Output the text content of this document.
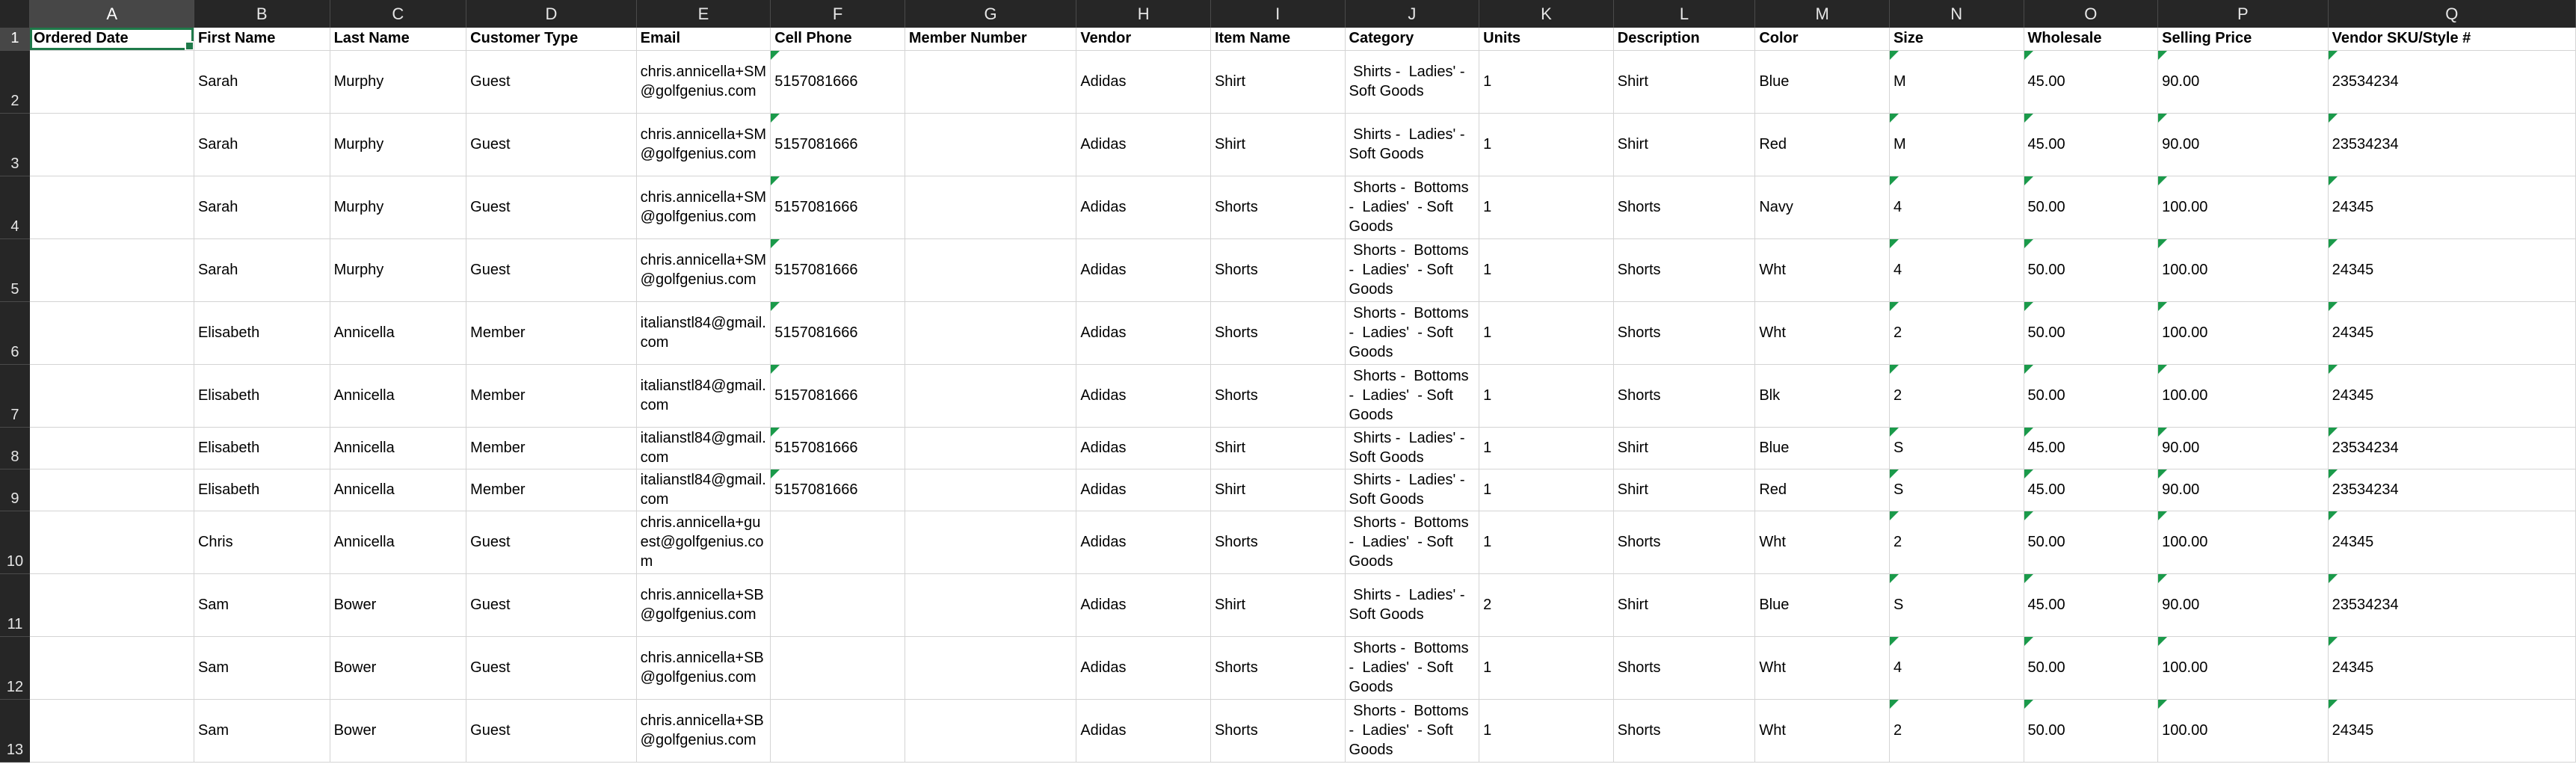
	A	B	C	D	E	F	G	H	I	J	K	L	M	N	O	P	Q
1	Ordered Date	First Name	Last Name	Customer Type	Email	Cell Phone	Member Number	Vendor	Item Name	Category	Units	Description	Color	Size	Wholesale	Selling Price	Vendor SKU/Style #

2		Sarah	Murphy	Guest	chris.annicella+SM@golfgenius.com	5157081666		Adidas	Shirt	Shirts -  Ladies' - Soft Goods	1	Shirt	Blue	M	45.00	90.00	23534234

3		Sarah	Murphy	Guest	chris.annicella+SM@golfgenius.com	5157081666		Adidas	Shirt	Shirts -  Ladies' - Soft Goods	1	Shirt	Red	M	45.00	90.00	23534234

4		Sarah	Murphy	Guest	chris.annicella+SM@golfgenius.com	5157081666		Adidas	Shorts	Shorts -  Bottoms -  Ladies'  - Soft Goods	1	Shorts	Navy	4	50.00	100.00	24345

5		Sarah	Murphy	Guest	chris.annicella+SM@golfgenius.com	5157081666		Adidas	Shorts	Shorts -  Bottoms -  Ladies'  - Soft Goods	1	Shorts	Wht	4	50.00	100.00	24345

6		Elisabeth	Annicella	Member	italianstl84@gmail.com	5157081666		Adidas	Shorts	Shorts -  Bottoms -  Ladies'  - Soft Goods	1	Shorts	Wht	2	50.00	100.00	24345

7		Elisabeth	Annicella	Member	italianstl84@gmail.com	5157081666		Adidas	Shorts	Shorts -  Bottoms -  Ladies'  - Soft Goods	1	Shorts	Blk	2	50.00	100.00	24345

8		Elisabeth	Annicella	Member	italianstl84@gmail.com	5157081666		Adidas	Shirt	Shirts -  Ladies' - Soft Goods	1	Shirt	Blue	S	45.00	90.00	23534234

9		Elisabeth	Annicella	Member	italianstl84@gmail.com	5157081666		Adidas	Shirt	Shirts -  Ladies' - Soft Goods	1	Shirt	Red	S	45.00	90.00	23534234

10		Chris	Annicella	Guest	chris.annicella+guest@golfgenius.com			Adidas	Shorts	Shorts -  Bottoms -  Ladies'  - Soft Goods	1	Shorts	Wht	2	50.00	100.00	24345

11		Sam	Bower	Guest	chris.annicella+SB@golfgenius.com			Adidas	Shirt	Shirts -  Ladies' - Soft Goods	2	Shirt	Blue	S	45.00	90.00	23534234

12		Sam	Bower	Guest	chris.annicella+SB@golfgenius.com			Adidas	Shorts	Shorts -  Bottoms -  Ladies'  - Soft Goods	1	Shorts	Wht	4	50.00	100.00	24345

13		Sam	Bower	Guest	chris.annicella+SB@golfgenius.com			Adidas	Shorts	Shorts -  Bottoms -  Ladies'  - Soft Goods	1	Shorts	Wht	2	50.00	100.00	24345
